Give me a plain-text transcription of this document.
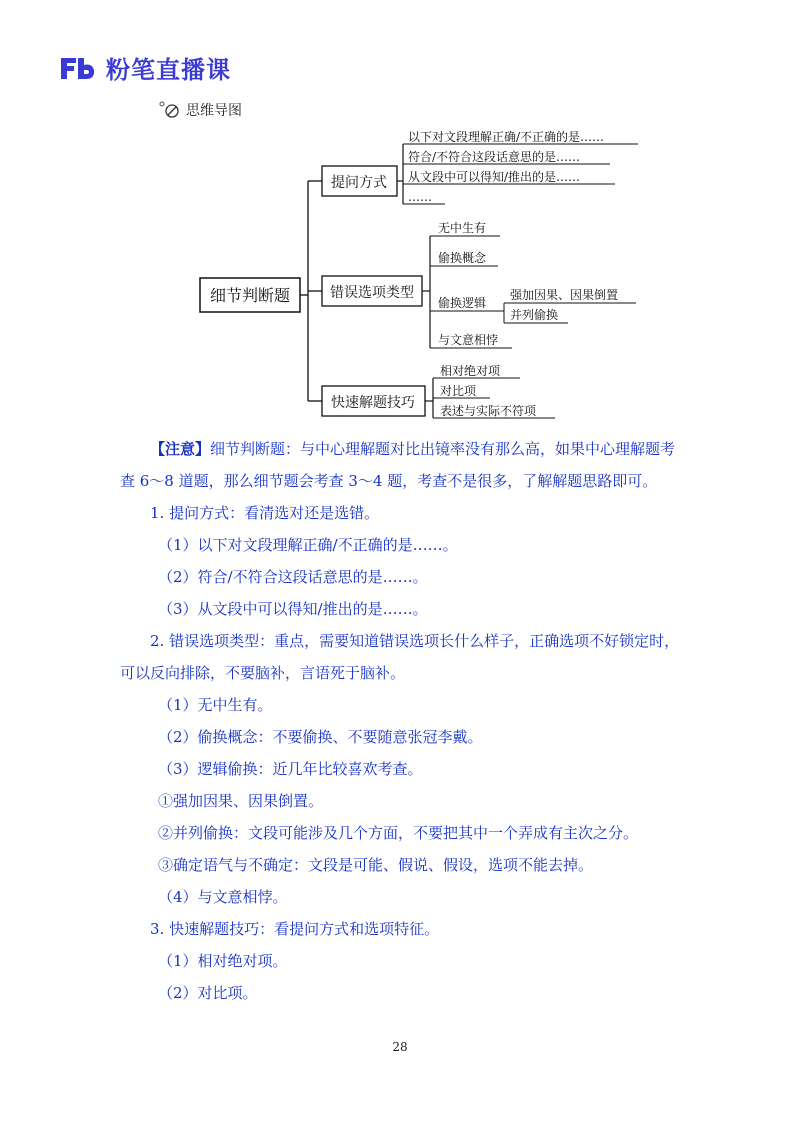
粉笔直播课
思维导图
细节判断题
提问方式
以下对文段理解正确/不正确的是……
符合/不符合这段话意思的是……
从文段中可以得知/推出的是……
……
错误选项类型
无中生有
偷换概念
偷换逻辑
与文意相悖
强加因果、因果倒置
并列偷换
快速解题技巧
相对绝对项
对比项
表述与实际不符项

【注意】细节判断题：与中心理解题对比出镜率没有那么高，如果中心理解题考查 6～8 道题，那么细节题会考查 3～4 题，考查不是很多，了解解题思路即可。

1. 提问方式：看清选对还是选错。

（1）以下对文段理解正确/不正确的是……。

（2）符合/不符合这段话意思的是……。

（3）从文段中可以得知/推出的是……。

2. 错误选项类型：重点，需要知道错误选项长什么样子，正确选项不好锁定时，可以反向排除，不要脑补，言语死于脑补。

（1）无中生有。

（2）偷换概念：不要偷换、不要随意张冠李戴。

（3）逻辑偷换：近几年比较喜欢考查。

①强加因果、因果倒置。

②并列偷换：文段可能涉及几个方面，不要把其中一个弄成有主次之分。

③确定语气与不确定：文段是可能、假说、假设，选项不能去掉。

（4）与文意相悖。

3. 快速解题技巧：看提问方式和选项特征。

（1）相对绝对项。

（2）对比项。

28
